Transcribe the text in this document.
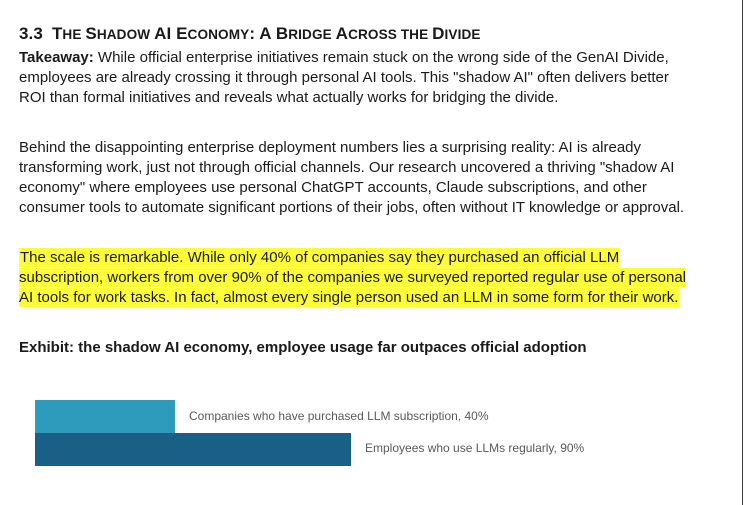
3.3 THE SHADOW AI ECONOMY: A BRIDGE ACROSS THE DIVIDE

Takeaway: While official enterprise initiatives remain stuck on the wrong side of the GenAI Divide, employees are already crossing it through personal AI tools. This "shadow AI" often delivers better ROI than formal initiatives and reveals what actually works for bridging the divide.

Behind the disappointing enterprise deployment numbers lies a surprising reality: AI is already transforming work, just not through official channels. Our research uncovered a thriving "shadow AI economy" where employees use personal ChatGPT accounts, Claude subscriptions, and other consumer tools to automate significant portions of their jobs, often without IT knowledge or approval.

The scale is remarkable. While only 40% of companies say they purchased an official LLM subscription, workers from over 90% of the companies we surveyed reported regular use of personal AI tools for work tasks. In fact, almost every single person used an LLM in some form for their work.

Exhibit: the shadow AI economy, employee usage far outpaces official adoption
Companies who have purchased LLM subscription, 40%
Employees who use LLMs regularly, 90%
